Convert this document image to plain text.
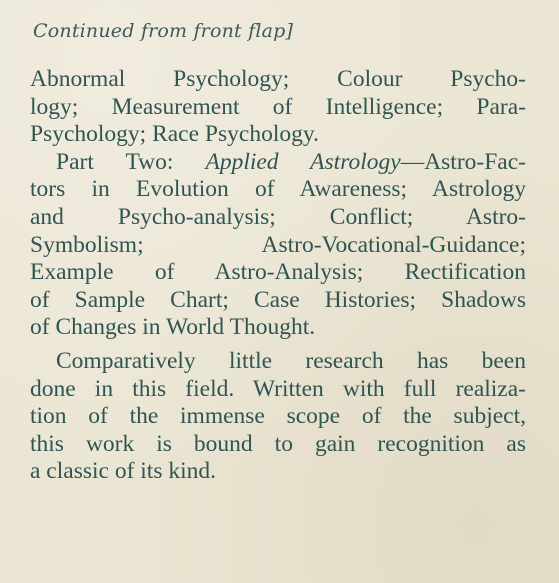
Continued from front flap]
Abnormal Psychology; Colour Psycho-
logy; Measurement of Intelligence; Para-
Psychology; Race Psychology.
Part Two: Applied Astrology—Astro-Fac-
tors in Evolution of Awareness; Astrology
and Psycho-analysis; Conflict; Astro-
Symbolism; Astro-Vocational-Guidance;
Example of Astro-Analysis; Rectification
of Sample Chart; Case Histories; Shadows
of Changes in World Thought.
Comparatively little research has been
done in this field. Written with full realiza-
tion of the immense scope of the subject,
this work is bound to gain recognition as
a classic of its kind.
